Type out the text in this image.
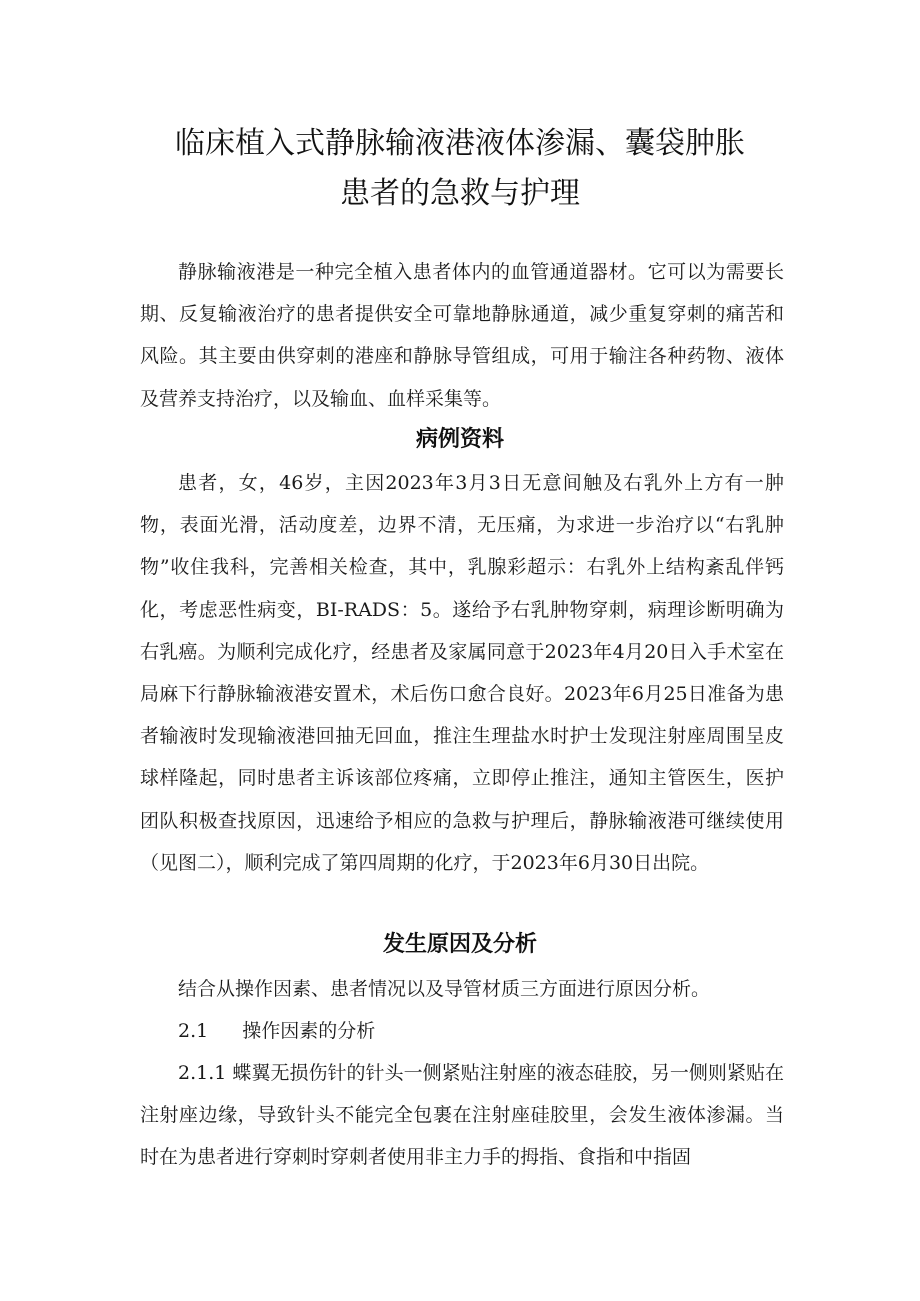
临床植入式静脉输液港液体渗漏、囊袋肿胀
患者的急救与护理

静脉输液港是一种完全植入患者体内的血管通道器材。它可以为需要长期、反复输液治疗的患者提供安全可靠地静脉通道，减少重复穿刺的痛苦和风险。其主要由供穿刺的港座和静脉导管组成，可用于输注各种药物、液体及营养支持治疗，以及输血、血样采集等。

病例资料

患者，女，46岁，主因2023年3月3日无意间触及右乳外上方有一肿物，表面光滑，活动度差，边界不清，无压痛，为求进一步治疗以“右乳肿物”收住我科，完善相关检查，其中，乳腺彩超示：右乳外上结构紊乱伴钙化，考虑恶性病变，BI-RADS：5。遂给予右乳肿物穿刺，病理诊断明确为右乳癌。为顺利完成化疗，经患者及家属同意于2023年4月20日入手术室在局麻下行静脉输液港安置术，术后伤口愈合良好。2023年6月25日准备为患者输液时发现输液港回抽无回血，推注生理盐水时护士发现注射座周围呈皮球样隆起，同时患者主诉该部位疼痛，立即停止推注，通知主管医生，医护团队积极查找原因，迅速给予相应的急救与护理后，静脉输液港可继续使用（见图二），顺利完成了第四周期的化疗，于2023年6月30日出院。

发生原因及分析

结合从操作因素、患者情况以及导管材质三方面进行原因分析。

2.1 操作因素的分析

2.1.1 蝶翼无损伤针的针头一侧紧贴注射座的液态硅胶，另一侧则紧贴在注射座边缘，导致针头不能完全包裹在注射座硅胶里，会发生液体渗漏。当时在为患者进行穿刺时穿刺者使用非主力手的拇指、食指和中指固
